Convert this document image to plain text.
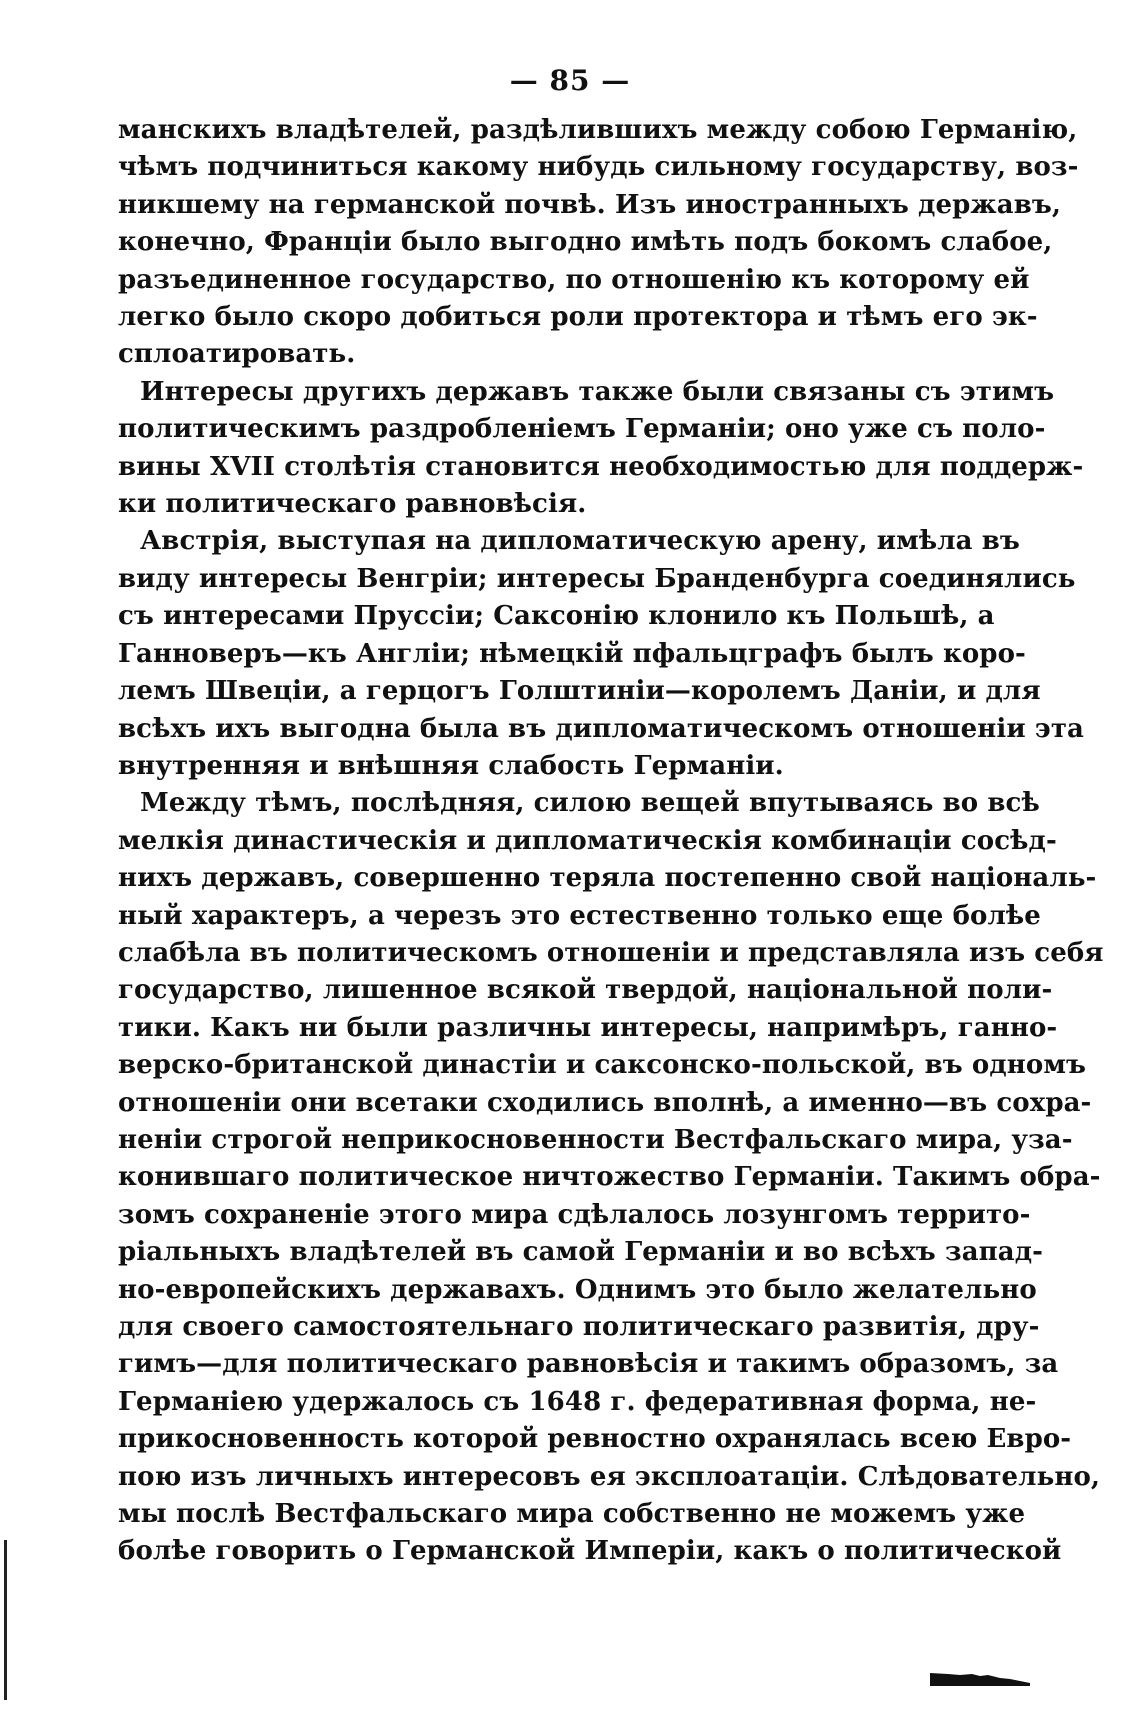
— 85 —

манскихъ владѣтелей, раздѣлившихъ между собою Германію,
чѣмъ подчиниться какому нибудь сильному государству, воз-
никшему на германской почвѣ. Изъ иностранныхъ державъ,
конечно, Франціи было выгодно имѣть подъ бокомъ слабое,
разъединенное государство, по отношенію къ которому ей
легко было скоро добиться роли протектора и тѣмъ его эк-
сплоатировать.

Интересы другихъ державъ также были связаны съ этимъ
политическимъ раздробленіемъ Германіи; оно уже съ поло-
вины XVII столѣтія становится необходимостью для поддерж-
ки политическаго равновѣсія.

Австрія, выступая на дипломатическую арену, имѣла въ
виду интересы Венгріи; интересы Бранденбурга соединялись
съ интересами Пруссіи; Саксонію клонило къ Польшѣ, а
Ганноверъ—къ Англіи; нѣмецкій пфальцграфъ былъ коро-
лемъ Швеціи, а герцогъ Голштиніи—королемъ Даніи, и для
всѣхъ ихъ выгодна была въ дипломатическомъ отношеніи эта
внутренняя и внѣшняя слабость Германіи.

Между тѣмъ, послѣдняя, силою вещей впутываясь во всѣ
мелкія династическія и дипломатическія комбинаціи сосѣд-
нихъ державъ, совершенно теряла постепенно свой національ-
ный характеръ, а черезъ это естественно только еще болѣе
слабѣла въ политическомъ отношеніи и представляла изъ себя
государство, лишенное всякой твердой, національной поли-
тики. Какъ ни были различны интересы, напримѣръ, ганно-
верско-британской династіи и саксонско-польской, въ одномъ
отношеніи они всетаки сходились вполнѣ, а именно—въ сохра-
неніи строгой неприкосновенности Вестфальскаго мира, уза-
конившаго политическое ничтожество Германіи. Такимъ обра-
зомъ сохраненіе этого мира сдѣлалось лозунгомъ террито-
ріальныхъ владѣтелей въ самой Германіи и во всѣхъ запад-
но-европейскихъ державахъ. Однимъ это было желательно
для своего самостоятельнаго политическаго развитія, дру-
гимъ—для политическаго равновѣсія и такимъ образомъ, за
Германіею удержалось съ 1648 г. федеративная форма, не-
прикосновенность которой ревностно охранялась всею Евро-
пою изъ личныхъ интересовъ ея эксплоатаціи. Слѣдовательно,
мы послѣ Вестфальскаго мира собственно не можемъ уже
болѣе говорить о Германской Имперіи, какъ о политической
